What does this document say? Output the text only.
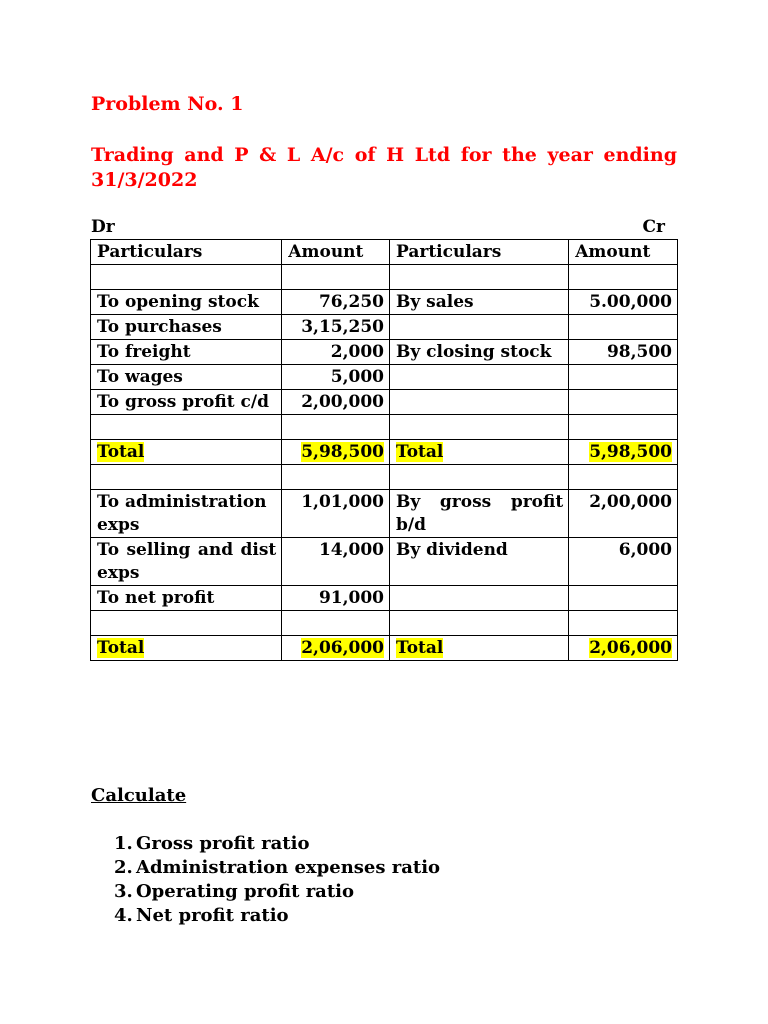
Problem No. 1

Trading and P & L A/c of H Ltd for the year ending 31/3/2022

Dr	Cr
Particulars	Amount	Particulars	Amount

To opening stock	76,250	By sales	5.00,000
To purchases	3,15,250		
To freight	2,000	By closing stock	98,500
To wages	5,000		
To gross profit c/d	2,00,000		

Total	5,98,500	Total	5,98,500

To administration exps	1,01,000	By gross profit b/d	2,00,000
To selling and dist exps	14,000	By dividend	6,000
To net profit	91,000		

Total	2,06,000	Total	2,06,000
Calculate
1. Gross profit ratio
2. Administration expenses ratio
3. Operating profit ratio
4. Net profit ratio
